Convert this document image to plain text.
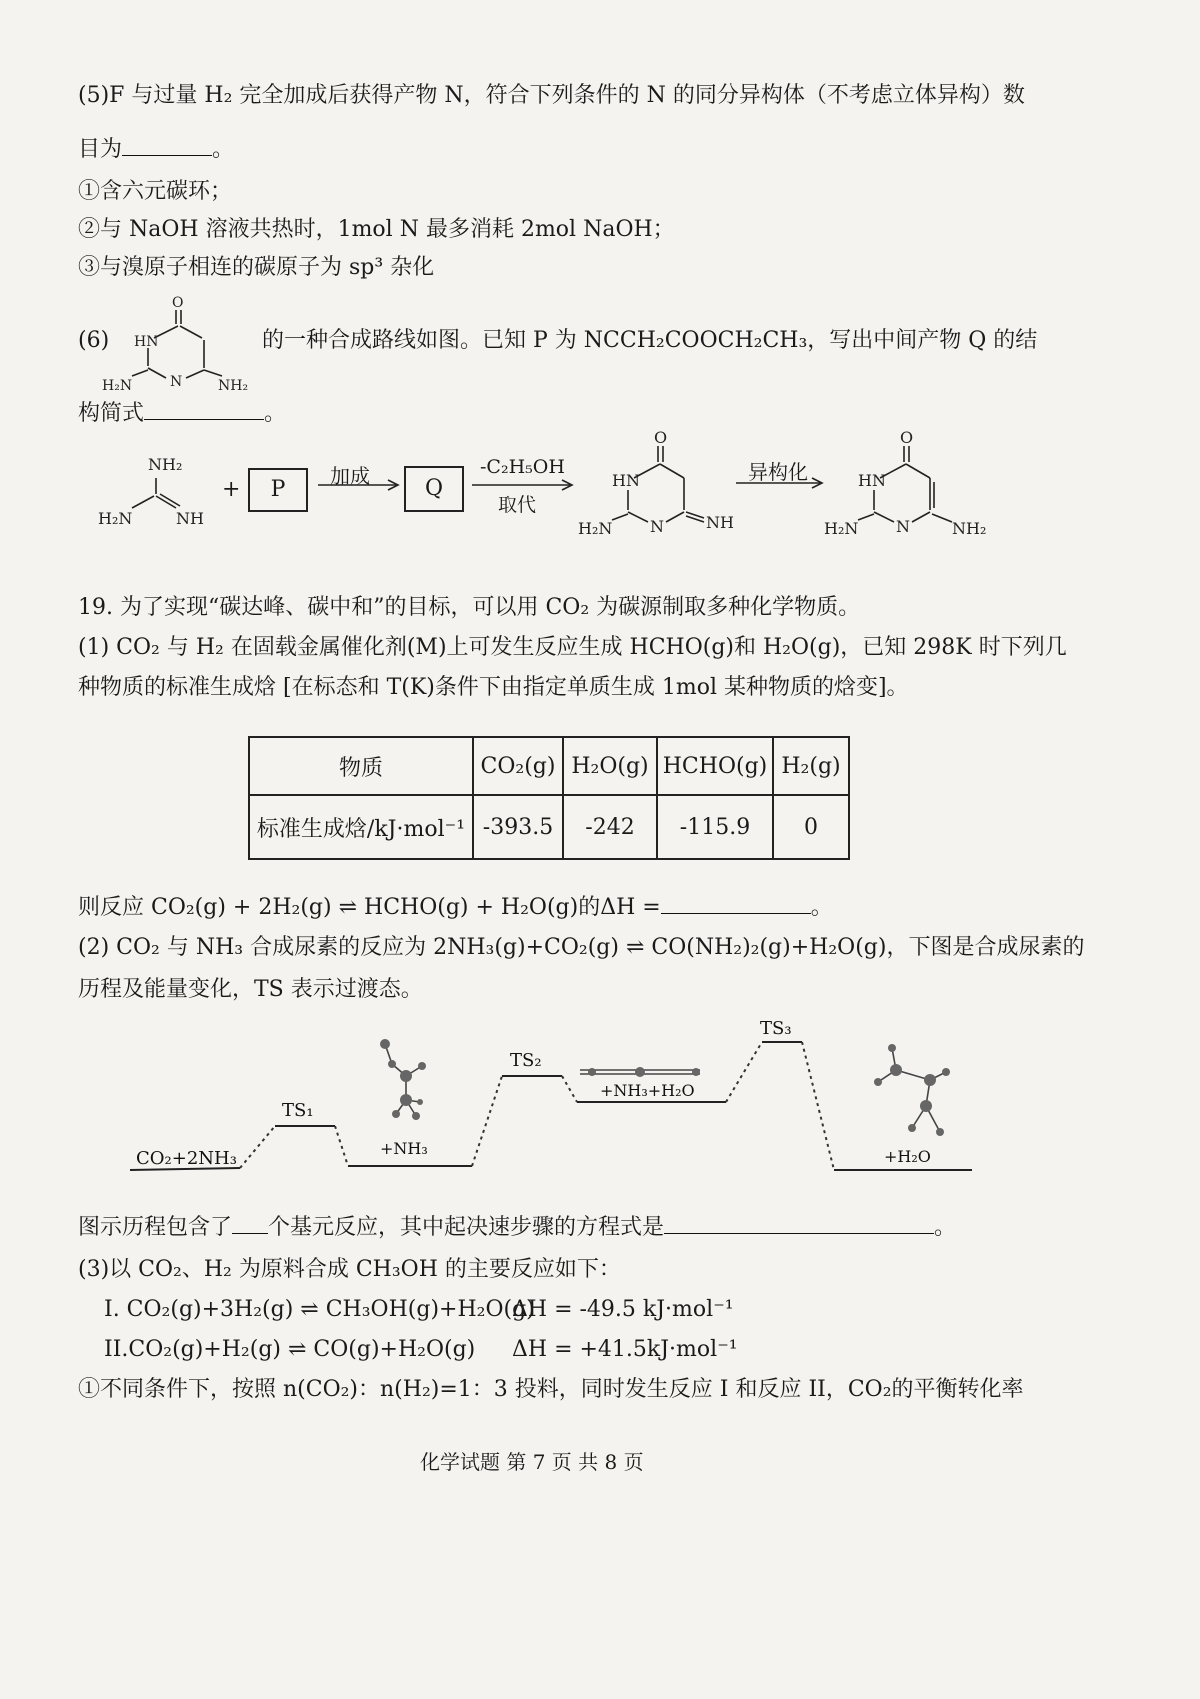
(5)F 与过量 H₂ 完全加成后获得产物 N，符合下列条件的 N 的同分异构体（不考虑立体异构）数
目为	。
①含六元碳环；
②与 NaOH 溶液共热时，1mol N 最多消耗 2mol NaOH；
③与溴原子相连的碳原子为 sp³ 杂化
(6)
O
HN
N
H₂N	NH₂
的一种合成路线如图。已知 P 为 NCCH₂COOCH₂CH₃，写出中间产物 Q 的结
构简式	。
NH₂
H₂N	NH
+	P
加成	Q
-C₂H₅OH
取代
O
HN
N
H₂N	NH
异构化
O
HN
N
H₂N	NH₂
19. 为了实现“碳达峰、碳中和”的目标，可以用 CO₂ 为碳源制取多种化学物质。
(1) CO₂ 与 H₂ 在固载金属催化剂(M)上可发生反应生成 HCHO(g)和 H₂O(g)，已知 298K 时下列几
种物质的标准生成焓 [在标态和 T(K)条件下由指定单质生成 1mol 某种物质的焓变]。
物质	CO₂(g)	H₂O(g)	HCHO(g)	H₂(g)
标准生成焓/kJ·mol⁻¹	-393.5	-242	-115.9	0
则反应 CO₂(g) + 2H₂(g) ⇌ HCHO(g) + H₂O(g)的ΔH =	。
(2) CO₂ 与 NH₃ 合成尿素的反应为 2NH₃(g)+CO₂(g) ⇌ CO(NH₂)₂(g)+H₂O(g)，下图是合成尿素的
历程及能量变化，TS 表示过渡态。
CO₂+2NH₃
TS₁
+NH₃
TS₂
+NH₃+H₂O
TS₃
+H₂O
图示历程包含了 个基元反应，其中起决速步骤的方程式是	。
(3)以 CO₂、H₂ 为原料合成 CH₃OH 的主要反应如下：
I. CO₂(g)+3H₂(g) ⇌ CH₃OH(g)+H₂O(g)
ΔH = -49.5 kJ·mol⁻¹
II.CO₂(g)+H₂(g) ⇌ CO(g)+H₂O(g) ΔH = +41.5kJ·mol⁻¹
①不同条件下，按照 n(CO₂)：n(H₂)=1：3 投料，同时发生反应 I 和反应 II，CO₂的平衡转化率
化学试题 第 7 页 共 8 页
